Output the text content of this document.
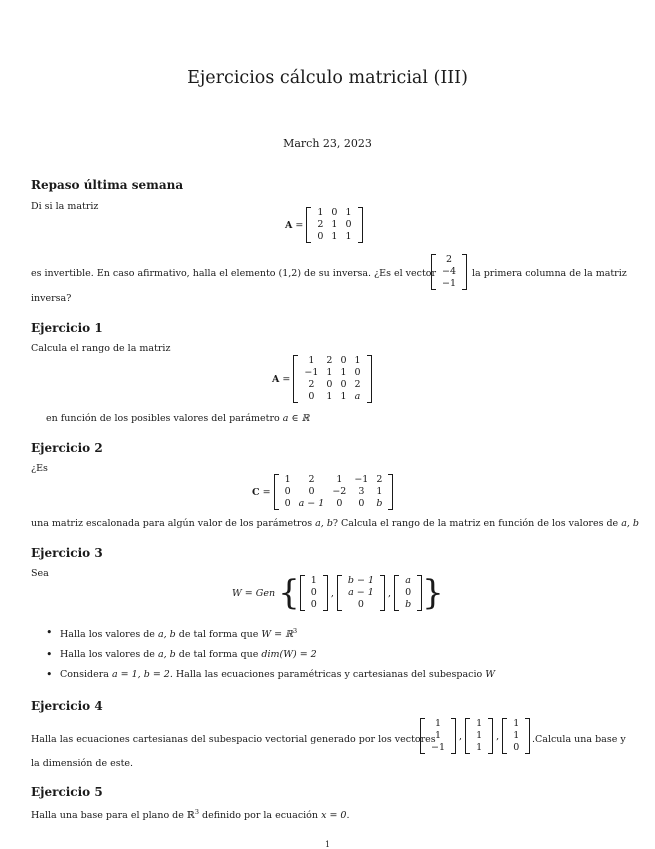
Ejercicios cálculo matricial (III)
March 23, 2023
Repaso última semana
Di si la matriz
A =
1	0	1
2	1	0
0	1	1
es invertible. En caso afirmativo, halla el elemento (1,2) de su inversa. ¿Es el vector
2
−4
−1
la primera columna de la matriz
inversa?
Ejercicio 1
Calcula el rango de la matriz
A =
1	2	0	1
−1	1	1	0
2	0	0	2
0	1	1	a
en función de los posibles valores del parámetro a ∈ ℝ
Ejercicio 2
¿Es
C =
1	2	1	−1	2
0	0	−2	3	1
0	a − 1	0	0	b
una matriz escalonada para algún valor de los parámetros a, b? Calcula el rango de la matriz en función de los valores de a, b
Ejercicio 3
Sea
W = Gen
{ 1
0
0
,
b − 1
a − 1
0
,
a
0
b }
• Halla los valores de a, b de tal forma que W = ℝ$^3$
• Halla los valores de a, b de tal forma que dim(W) = 2
• Considera a = 1, b = 2. Halla las ecuaciones paramétricas y cartesianas del subespacio W
Ejercicio 4
Halla las ecuaciones cartesianas del subespacio vectorial generado por los vectores
1
1
−1
,
1
1
1
,
1
1
0
.Calcula una base y
la dimensión de este.
Ejercicio 5
Halla una base para el plano de ℝ$^3$ definido por la ecuación x = 0.
1
